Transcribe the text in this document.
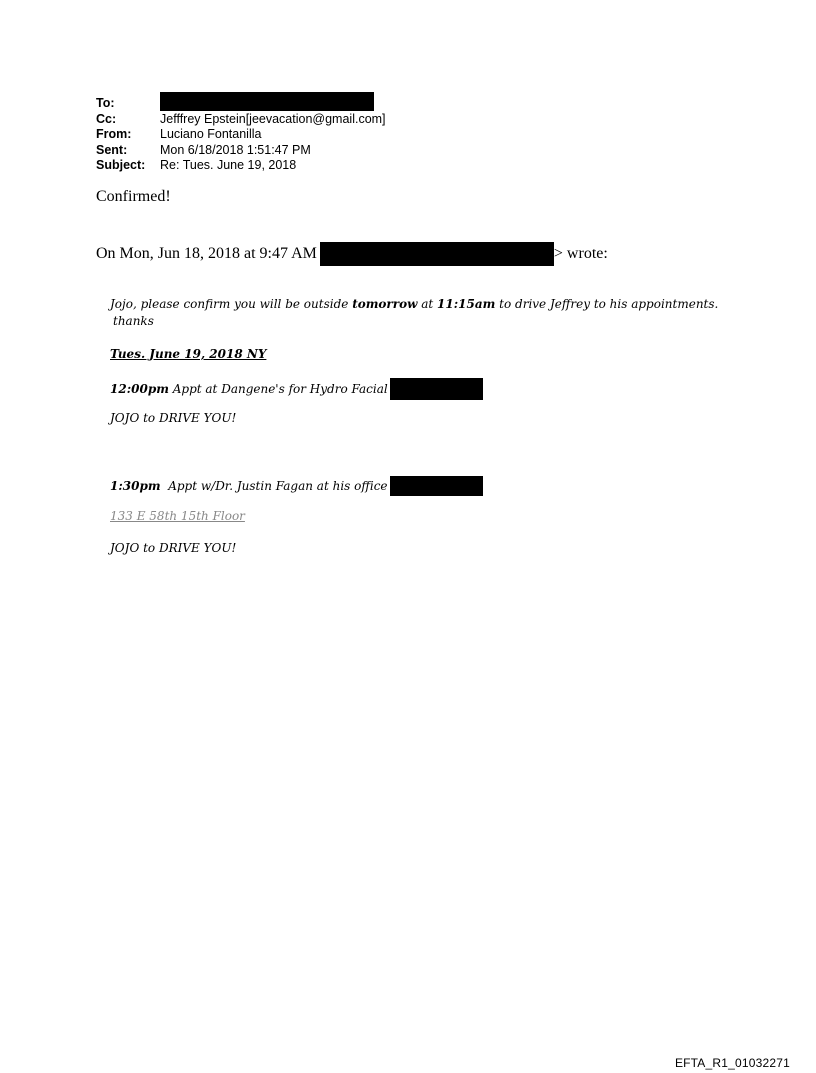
To:
Cc:	Jefffrey Epstein[jeevacation@gmail.com]
From:	Luciano Fontanilla
Sent:	Mon 6/18/2018 1:51:47 PM
Subject:	Re: Tues. June 19, 2018
Confirmed!
On Mon, Jun 18, 2018 at 9:47 AM	> wrote:
Jojo, please confirm you will be outside tomorrow at 11:15am to drive Jeffrey to his appointments.
thanks
Tues. June 19, 2018 NY
12:00pm Appt at Dangene's for Hydro Facial
JOJO to DRIVE YOU!
1:30pm Appt w/Dr. Justin Fagan at his office
133 E 58th 15th Floor
JOJO to DRIVE YOU!
EFTA_R1_01032271
